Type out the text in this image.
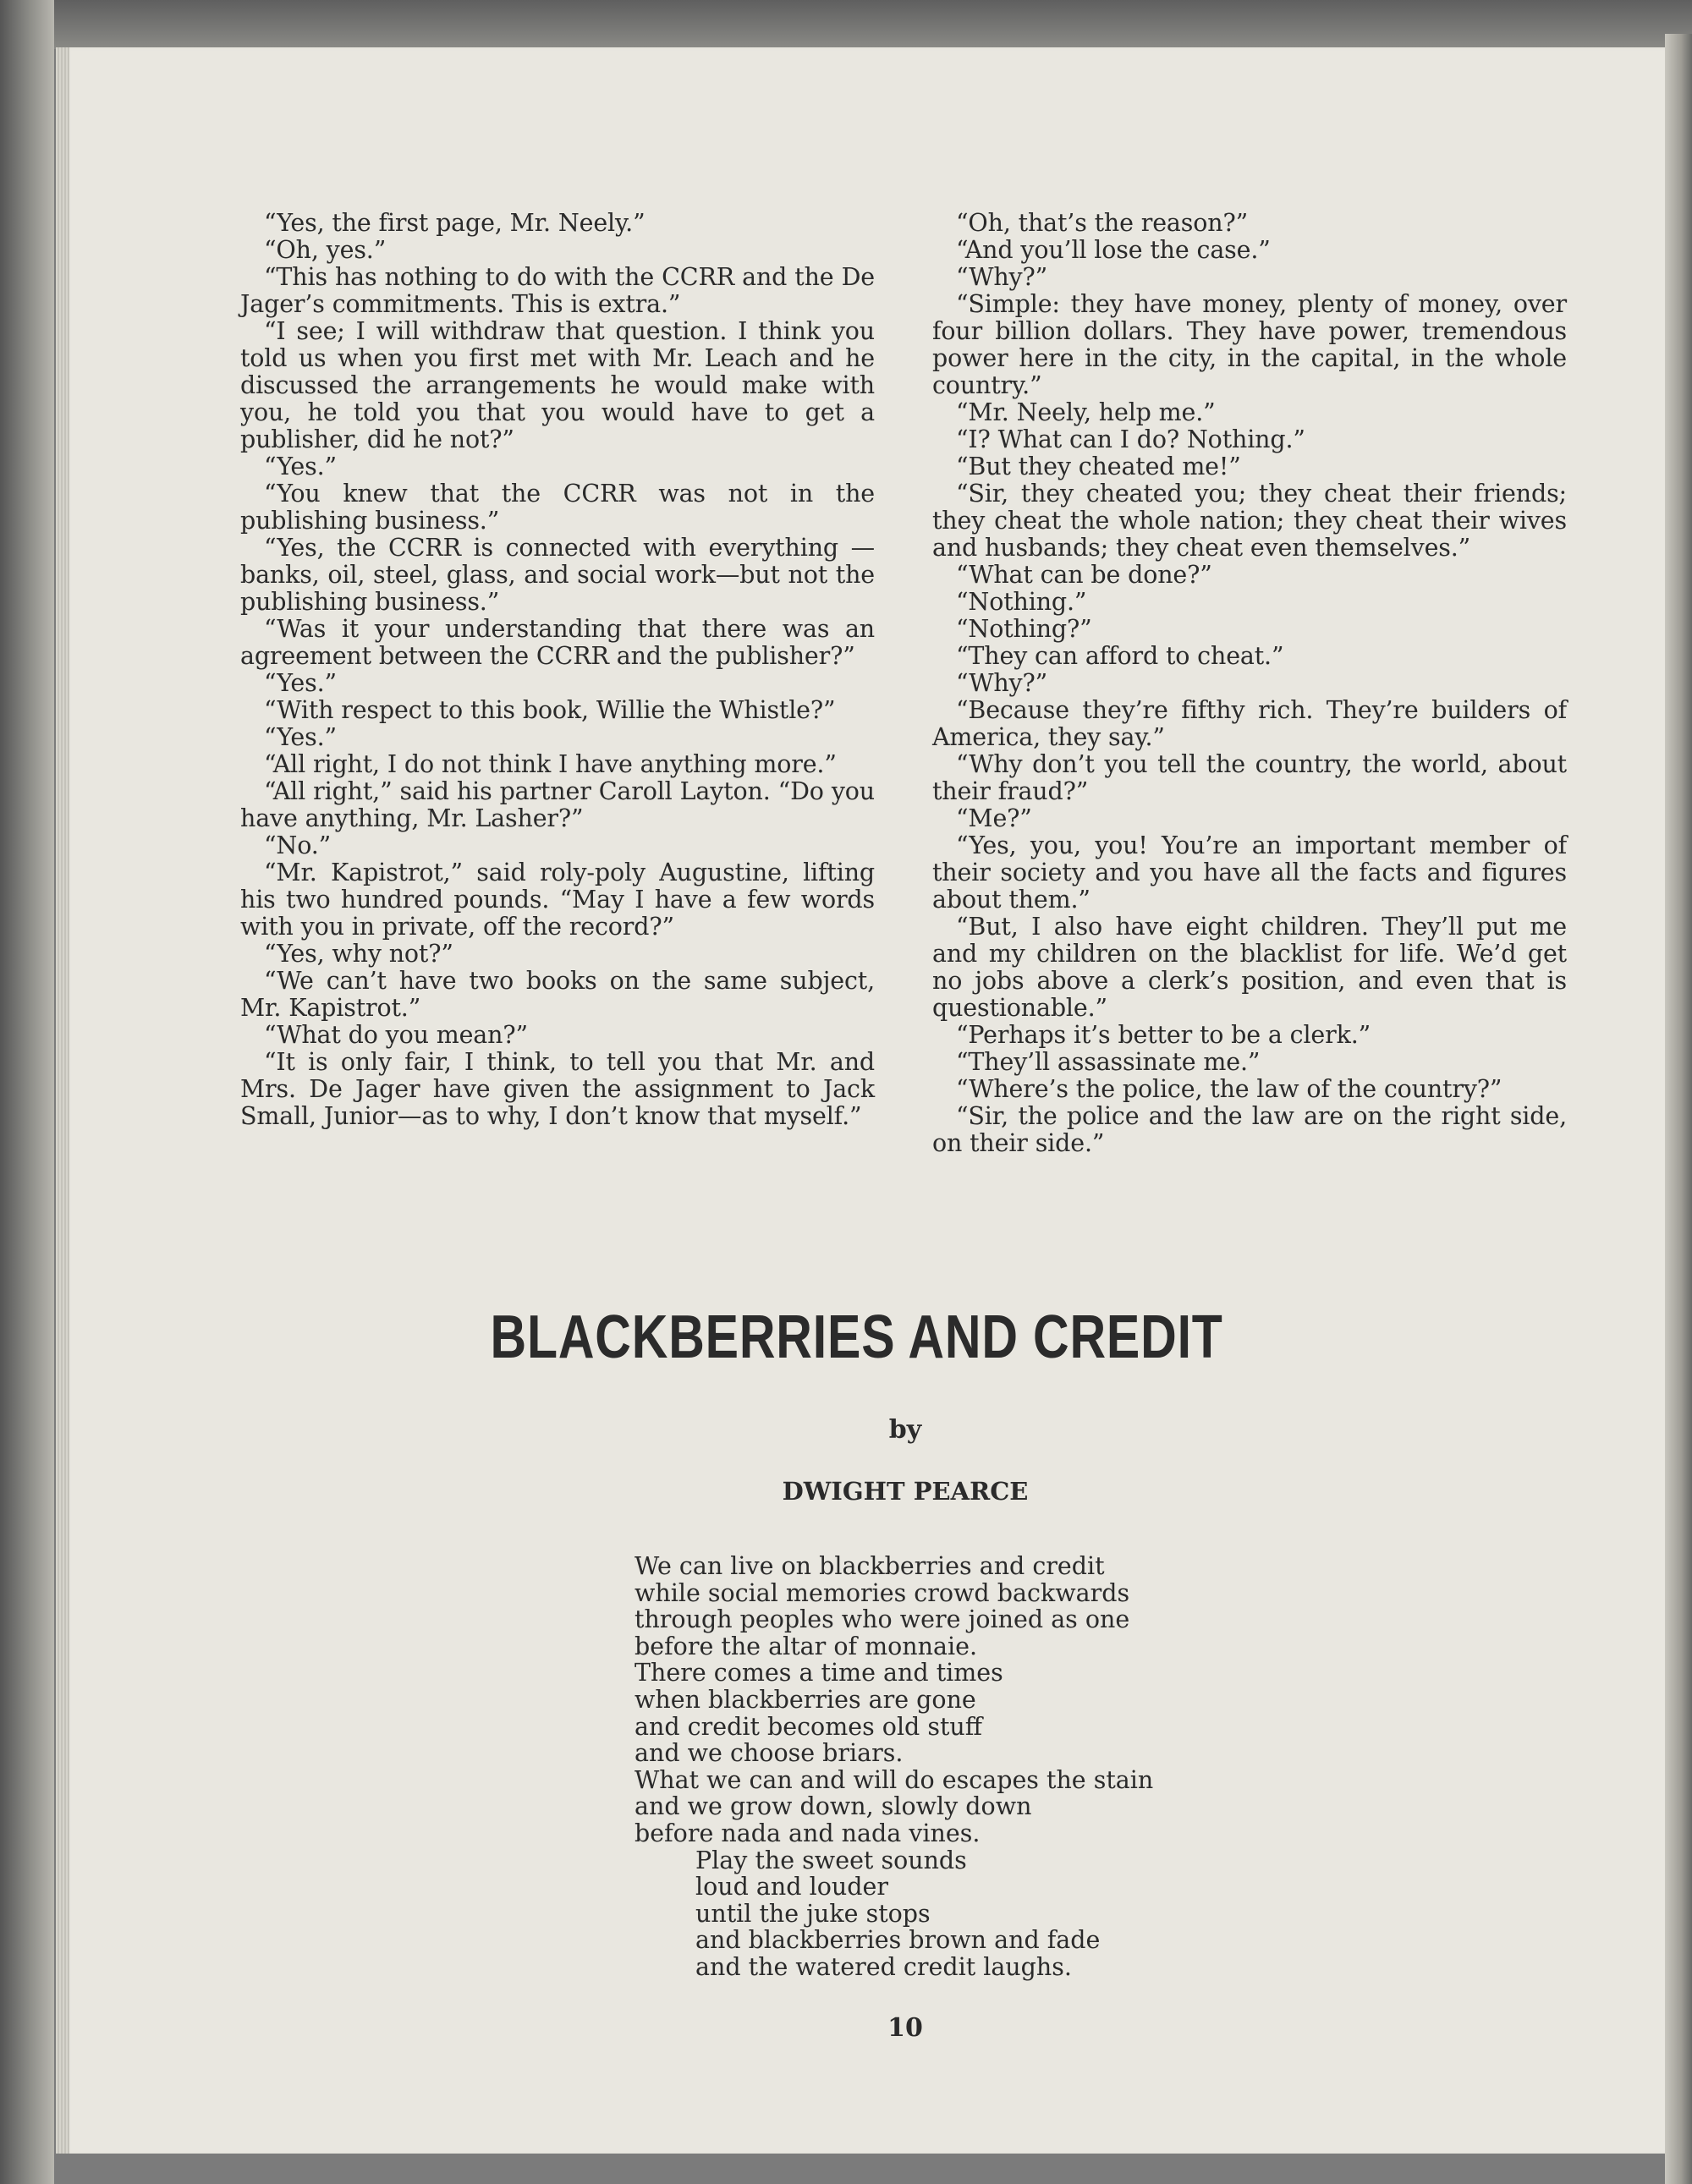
“Yes, the first page, Mr. Neely.”

“Oh, yes.”

“This has nothing to do with the CCRR and the De Jager’s commitments. This is extra.”

“I see; I will withdraw that question. I think you told us when you first met with Mr. Leach and he discussed the arrangements he would make with you, he told you that you would have to get a publisher, did he not?”

“Yes.”

“You knew that the CCRR was not in the publishing business.”

“Yes, the CCRR is connected with everything —banks, oil, steel, glass, and social work—but not the publishing business.”

“Was it your understanding that there was an agreement between the CCRR and the publisher?”

“Yes.”

“With respect to this book, Willie the Whistle?”

“Yes.”

“All right, I do not think I have anything more.”

“All right,” said his partner Caroll Layton. “Do you have anything, Mr. Lasher?”

“No.”

“Mr. Kapistrot,” said roly-poly Augustine, lifting his two hundred pounds. “May I have a few words with you in private, off the record?”

“Yes, why not?”

“We can’t have two books on the same subject, Mr. Kapistrot.”

“What do you mean?”

“It is only fair, I think, to tell you that Mr. and Mrs. De Jager have given the assignment to Jack Small, Junior—as to why, I don’t know that myself.”

“Oh, that’s the reason?”

“And you’ll lose the case.”

“Why?”

“Simple: they have money, plenty of money, over four billion dollars. They have power, tremendous power here in the city, in the capital, in the whole country.”

“Mr. Neely, help me.”

“I? What can I do? Nothing.”

“But they cheated me!”

“Sir, they cheated you; they cheat their friends; they cheat the whole nation; they cheat their wives and husbands; they cheat even themselves.”

“What can be done?”

“Nothing.”

“Nothing?”

“They can afford to cheat.”

“Why?”

“Because they’re fifthy rich. They’re builders of America, they say.”

“Why don’t you tell the country, the world, about their fraud?”

“Me?”

“Yes, you, you! You’re an important member of their society and you have all the facts and figures about them.”

“But, I also have eight children. They’ll put me and my children on the blacklist for life. We’d get no jobs above a clerk’s position, and even that is questionable.”

“Perhaps it’s better to be a clerk.”

“They’ll assassinate me.”

“Where’s the police, the law of the country?”

“Sir, the police and the law are on the right side, on their side.”

BLACKBERRIES AND CREDIT
by
DWIGHT PEARCE
We can live on blackberries and credit
while social memories crowd backwards
through peoples who were joined as one
before the altar of monnaie.
There comes a time and times
when blackberries are gone
and credit becomes old stuff
and we choose briars.
What we can and will do escapes the stain
and we grow down, slowly down
before nada and nada vines.
Play the sweet sounds
loud and louder
until the juke stops
and blackberries brown and fade
and the watered credit laughs.
10
